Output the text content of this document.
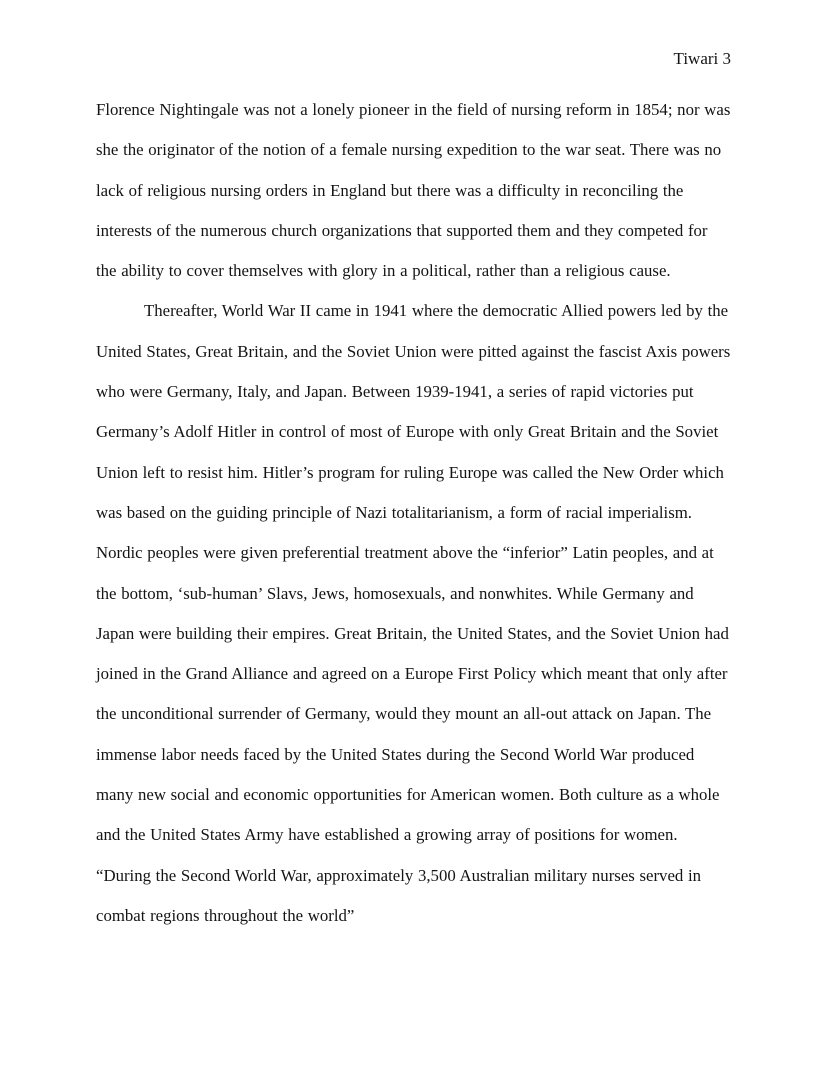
Tiwari 3

Florence Nightingale was not a lonely pioneer in the field of nursing reform in 1854; nor was she the originator of the notion of a female nursing expedition to the war seat. There was no lack of religious nursing orders in England but there was a difficulty in reconciling the interests of the numerous church organizations that supported them and they competed for the ability to cover themselves with glory in a political, rather than a religious cause.

Thereafter, World War II came in 1941 where the democratic Allied powers led by the United States, Great Britain, and the Soviet Union were pitted against the fascist Axis powers who were Germany, Italy, and Japan. Between 1939-1941, a series of rapid victories put Germany’s Adolf Hitler in control of most of Europe with only Great Britain and the Soviet Union left to resist him. Hitler’s program for ruling Europe was called the New Order which was based on the guiding principle of Nazi totalitarianism, a form of racial imperialism. Nordic peoples were given preferential treatment above the “inferior” Latin peoples, and at the bottom, ‘sub-human’ Slavs, Jews, homosexuals, and nonwhites. While Germany and Japan were building their empires. Great Britain, the United States, and the Soviet Union had joined in the Grand Alliance and agreed on a Europe First Policy which meant that only after the unconditional surrender of Germany, would they mount an all-out attack on Japan. The immense labor needs faced by the United States during the Second World War produced many new social and economic opportunities for American women. Both culture as a whole and the United States Army have established a growing array of positions for women. “During the Second World War, approximately 3,500 Australian military nurses served in combat regions throughout the world”
